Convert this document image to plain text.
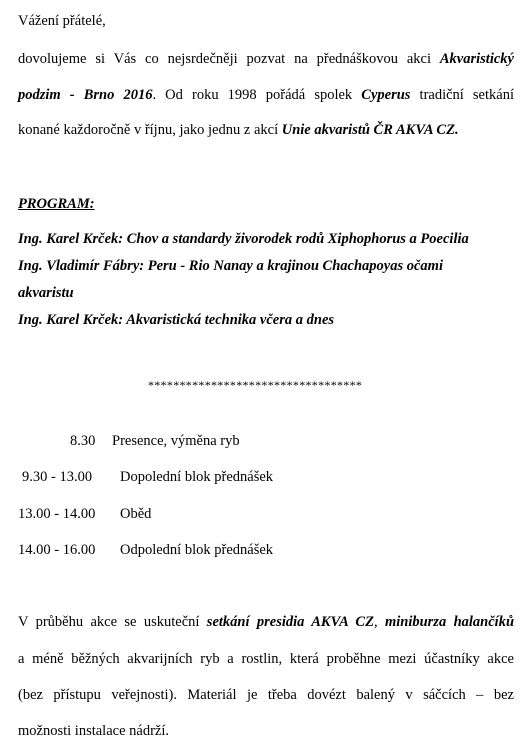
Vážení přátelé,
dovolujeme si Vás co nejsrdečněji pozvat na přednáškovou akci Akvaristický
podzim - Brno 2016. Od roku 1998 pořádá spolek Cyperus tradiční setkání
konané každoročně v říjnu, jako jednu z akcí Unie akvaristů ČR AKVA CZ.
PROGRAM:
Ing. Karel Krček: Chov a standardy živorodek rodů Xiphophorus a Poecilia
Ing. Vladimír Fábry: Peru - Rio Nanay a krajinou Chachapoyas očami
akvaristu
Ing. Karel Krček: Akvaristická technika včera a dnes
**********************************
8.30 Presence, výměna ryb
9.30 - 13.00 Dopolední blok přednášek
13.00 - 14.00 Oběd
14.00 - 16.00 Odpolední blok přednášek
V průběhu akce se uskuteční setkání presidia AKVA CZ, miniburza halančíků
a méně běžných akvarijních ryb a rostlin, která proběhne mezi účastníky akce
(bez přístupu veřejnosti). Materiál je třeba dovézt balený v sáčcích – bez
možnosti instalace nádrží.
